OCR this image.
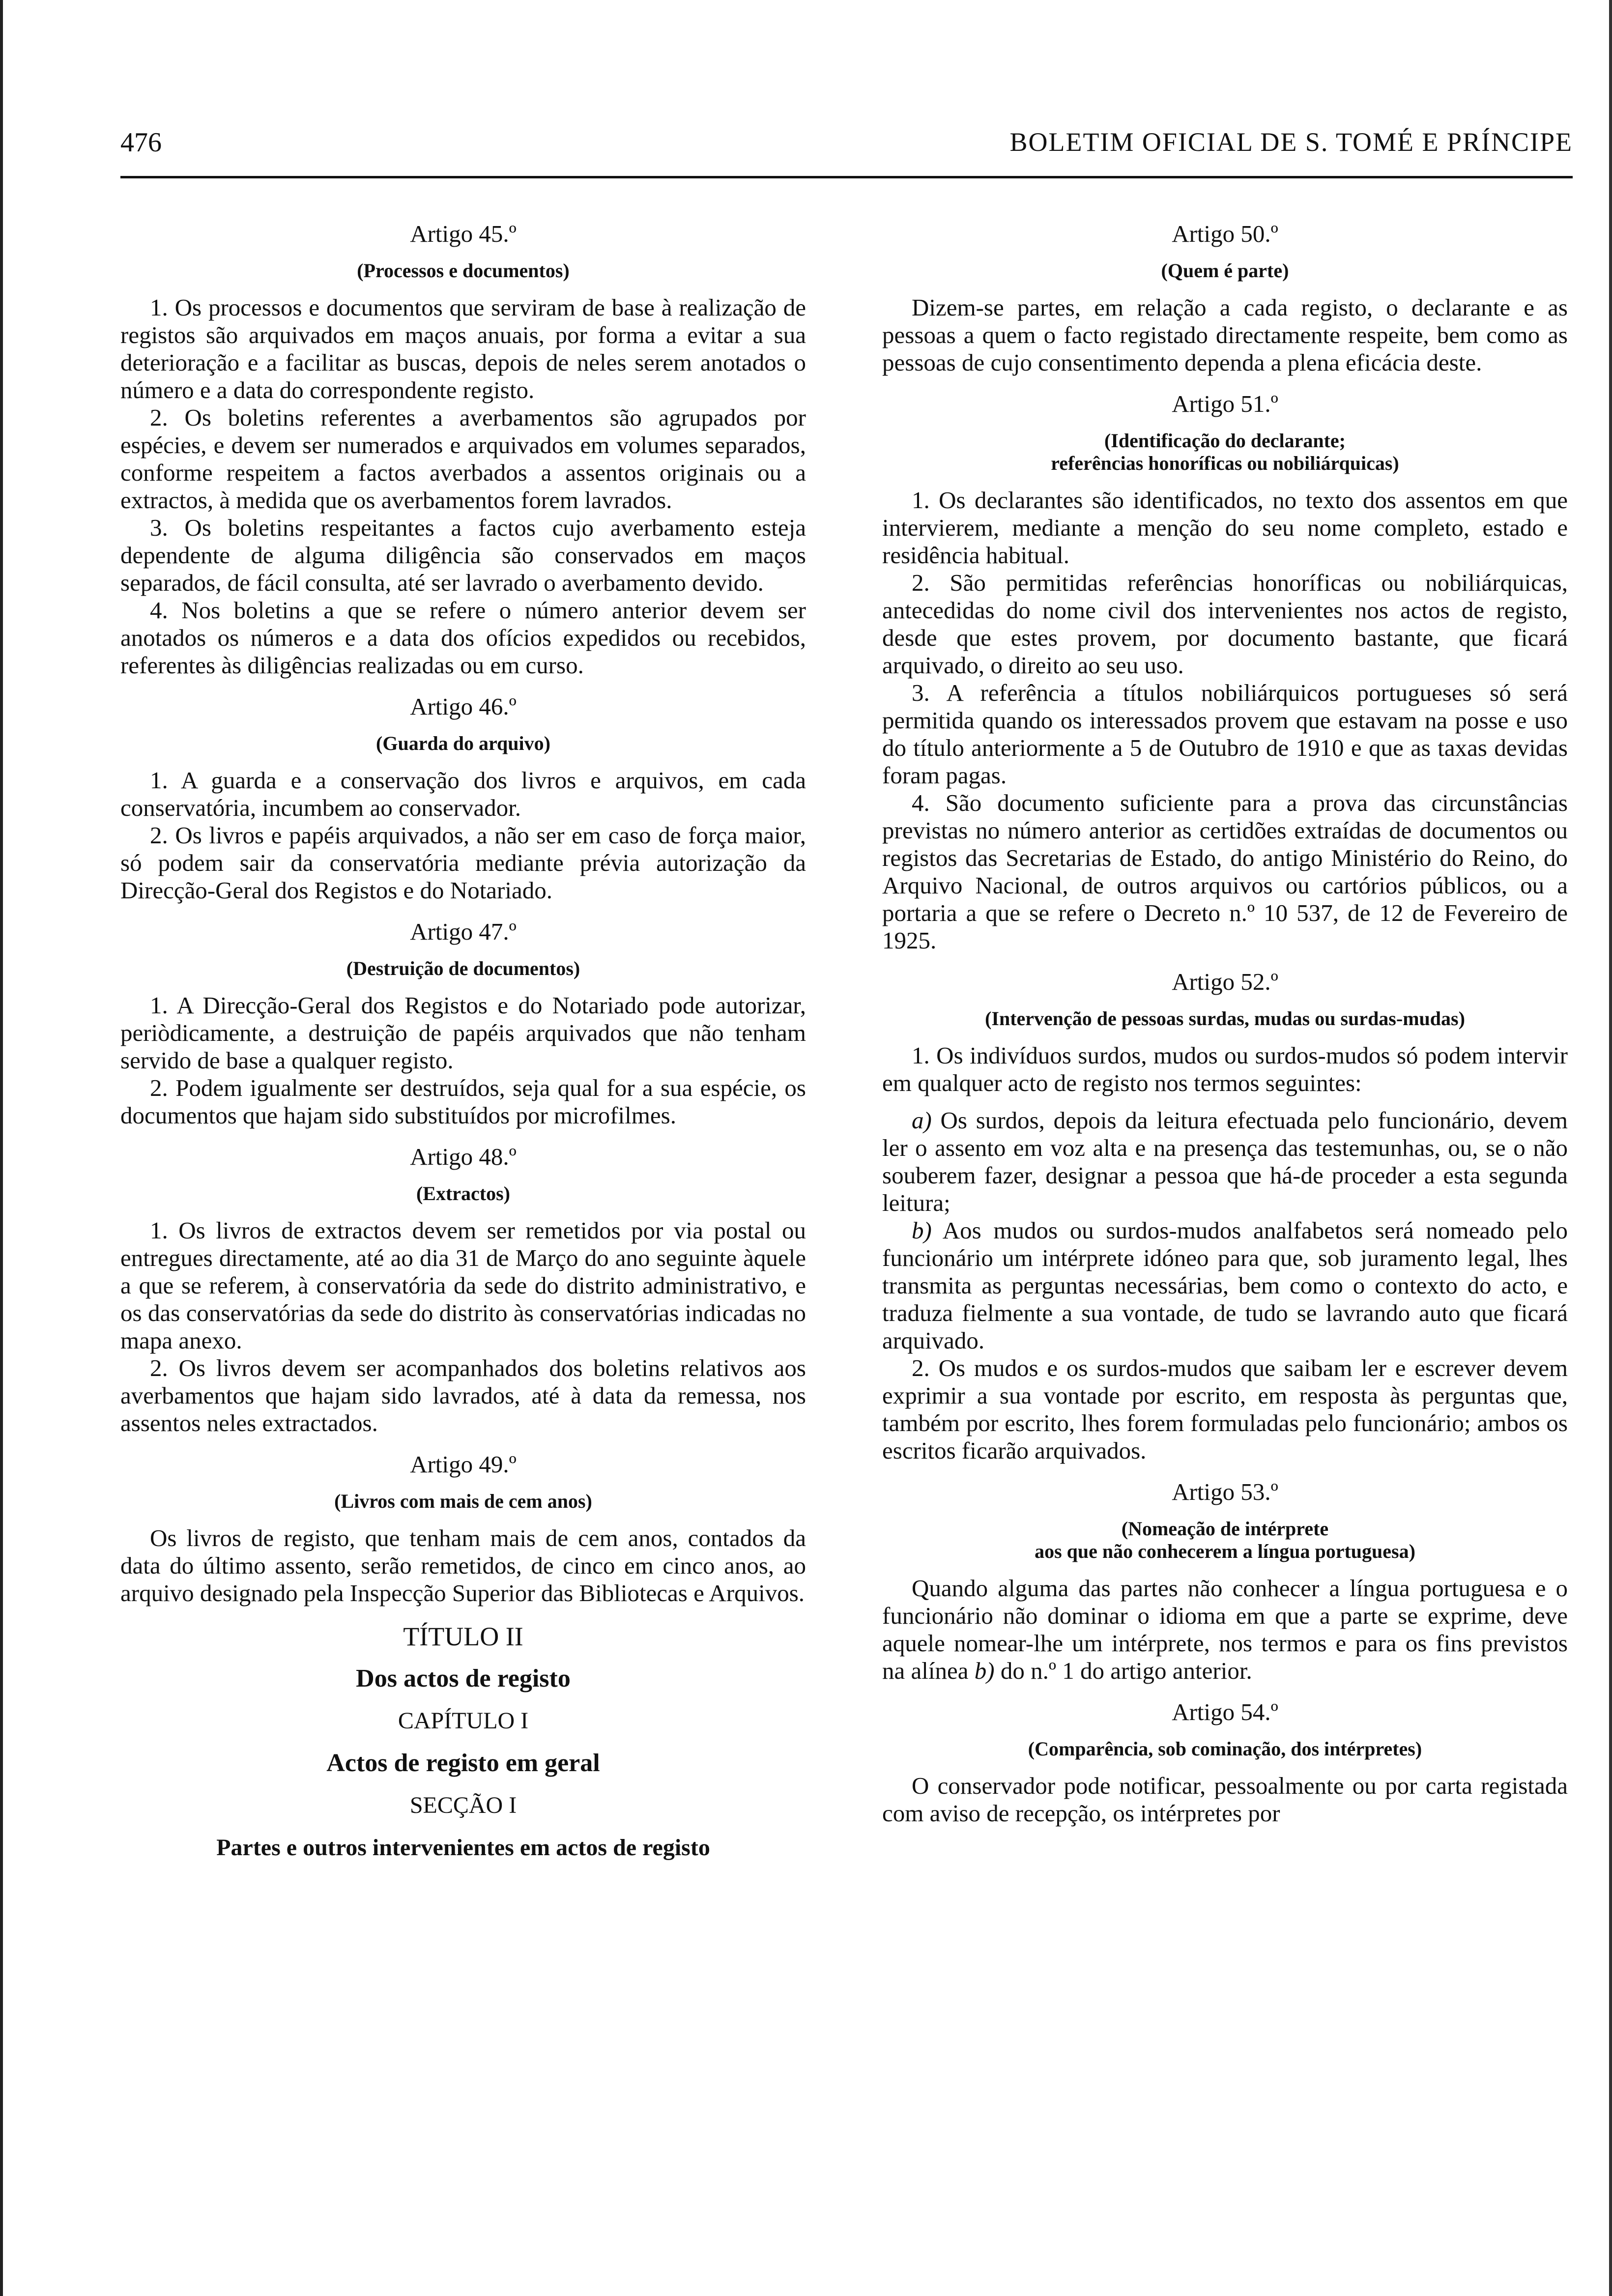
476	BOLETIM OFICIAL DE S. TOMÉ E PRÍNCIPE
Artigo 45.º
(Processos e documentos)

1. Os processos e documentos que serviram de base à realização de registos são arquivados em maços anuais, por forma a evitar a sua deterioração e a facilitar as buscas, depois de neles serem anotados o número e a data do correspondente registo.

2. Os boletins referentes a averbamentos são agrupados por espécies, e devem ser numerados e arquivados em volumes separados, conforme respeitem a factos averbados a assentos originais ou a extractos, à medida que os averbamentos forem lavrados.

3. Os boletins respeitantes a factos cujo averbamento esteja dependente de alguma diligência são conservados em maços separados, de fácil consulta, até ser lavrado o averbamento devido.

4. Nos boletins a que se refere o número anterior devem ser anotados os números e a data dos ofícios expedidos ou recebidos, referentes às diligências realizadas ou em curso.

Artigo 46.º
(Guarda do arquivo)

1. A guarda e a conservação dos livros e arquivos, em cada conservatória, incumbem ao conservador.

2. Os livros e papéis arquivados, a não ser em caso de força maior, só podem sair da conservatória mediante prévia autorização da Direcção-Geral dos Registos e do Notariado.

Artigo 47.º
(Destruição de documentos)

1. A Direcção-Geral dos Registos e do Notariado pode autorizar, periòdicamente, a destruição de papéis arquivados que não tenham servido de base a qualquer registo.

2. Podem igualmente ser destruídos, seja qual for a sua espécie, os documentos que hajam sido substituídos por microfilmes.

Artigo 48.º
(Extractos)

1. Os livros de extractos devem ser remetidos por via postal ou entregues directamente, até ao dia 31 de Março do ano seguinte àquele a que se referem, à conservatória da sede do distrito administrativo, e os das conservatórias da sede do distrito às conservatórias indicadas no mapa anexo.

2. Os livros devem ser acompanhados dos boletins relativos aos averbamentos que hajam sido lavrados, até à data da remessa, nos assentos neles extractados.

Artigo 49.º
(Livros com mais de cem anos)

Os livros de registo, que tenham mais de cem anos, contados da data do último assento, serão remetidos, de cinco em cinco anos, ao arquivo designado pela Inspecção Superior das Bibliotecas e Arquivos.

TÍTULO II
Dos actos de registo
CAPÍTULO I
Actos de registo em geral
SECÇÃO I
Partes e outros intervenientes em actos de registo
Artigo 50.º
(Quem é parte)

Dizem-se partes, em relação a cada registo, o declarante e as pessoas a quem o facto registado directamente respeite, bem como as pessoas de cujo consentimento dependa a plena eficácia deste.

Artigo 51.º
(Identificação do declarante;
referências honoríficas ou nobiliárquicas)

1. Os declarantes são identificados, no texto dos assentos em que intervierem, mediante a menção do seu nome completo, estado e residência habitual.

2. São permitidas referências honoríficas ou nobiliárquicas, antecedidas do nome civil dos intervenientes nos actos de registo, desde que estes provem, por documento bastante, que ficará arquivado, o direito ao seu uso.

3. A referência a títulos nobiliárquicos portugueses só será permitida quando os interessados provem que estavam na posse e uso do título anteriormente a 5 de Outubro de 1910 e que as taxas devidas foram pagas.

4. São documento suficiente para a prova das circunstâncias previstas no número anterior as certidões extraídas de documentos ou registos das Secretarias de Estado, do antigo Ministério do Reino, do Arquivo Nacional, de outros arquivos ou cartórios públicos, ou a portaria a que se refere o Decreto n.º 10 537, de 12 de Fevereiro de 1925.

Artigo 52.º
(Intervenção de pessoas surdas, mudas ou surdas-mudas)

1. Os indivíduos surdos, mudos ou surdos-mudos só podem intervir em qualquer acto de registo nos termos seguintes:

a) Os surdos, depois da leitura efectuada pelo funcionário, devem ler o assento em voz alta e na presença das testemunhas, ou, se o não souberem fazer, designar a pessoa que há-de proceder a esta segunda leitura;

b) Aos mudos ou surdos-mudos analfabetos será nomeado pelo funcionário um intérprete idóneo para que, sob juramento legal, lhes transmita as perguntas necessárias, bem como o contexto do acto, e traduza fielmente a sua vontade, de tudo se lavrando auto que ficará arquivado.

2. Os mudos e os surdos-mudos que saibam ler e escrever devem exprimir a sua vontade por escrito, em resposta às perguntas que, também por escrito, lhes forem formuladas pelo funcionário; ambos os escritos ficarão arquivados.

Artigo 53.º
(Nomeação de intérprete
aos que não conhecerem a língua portuguesa)

Quando alguma das partes não conhecer a língua portuguesa e o funcionário não dominar o idioma em que a parte se exprime, deve aquele nomear-lhe um intérprete, nos termos e para os fins previstos na alínea b) do n.º 1 do artigo anterior.

Artigo 54.º
(Comparência, sob cominação, dos intérpretes)

O conservador pode notificar, pessoalmente ou por carta registada com aviso de recepção, os intérpretes por
